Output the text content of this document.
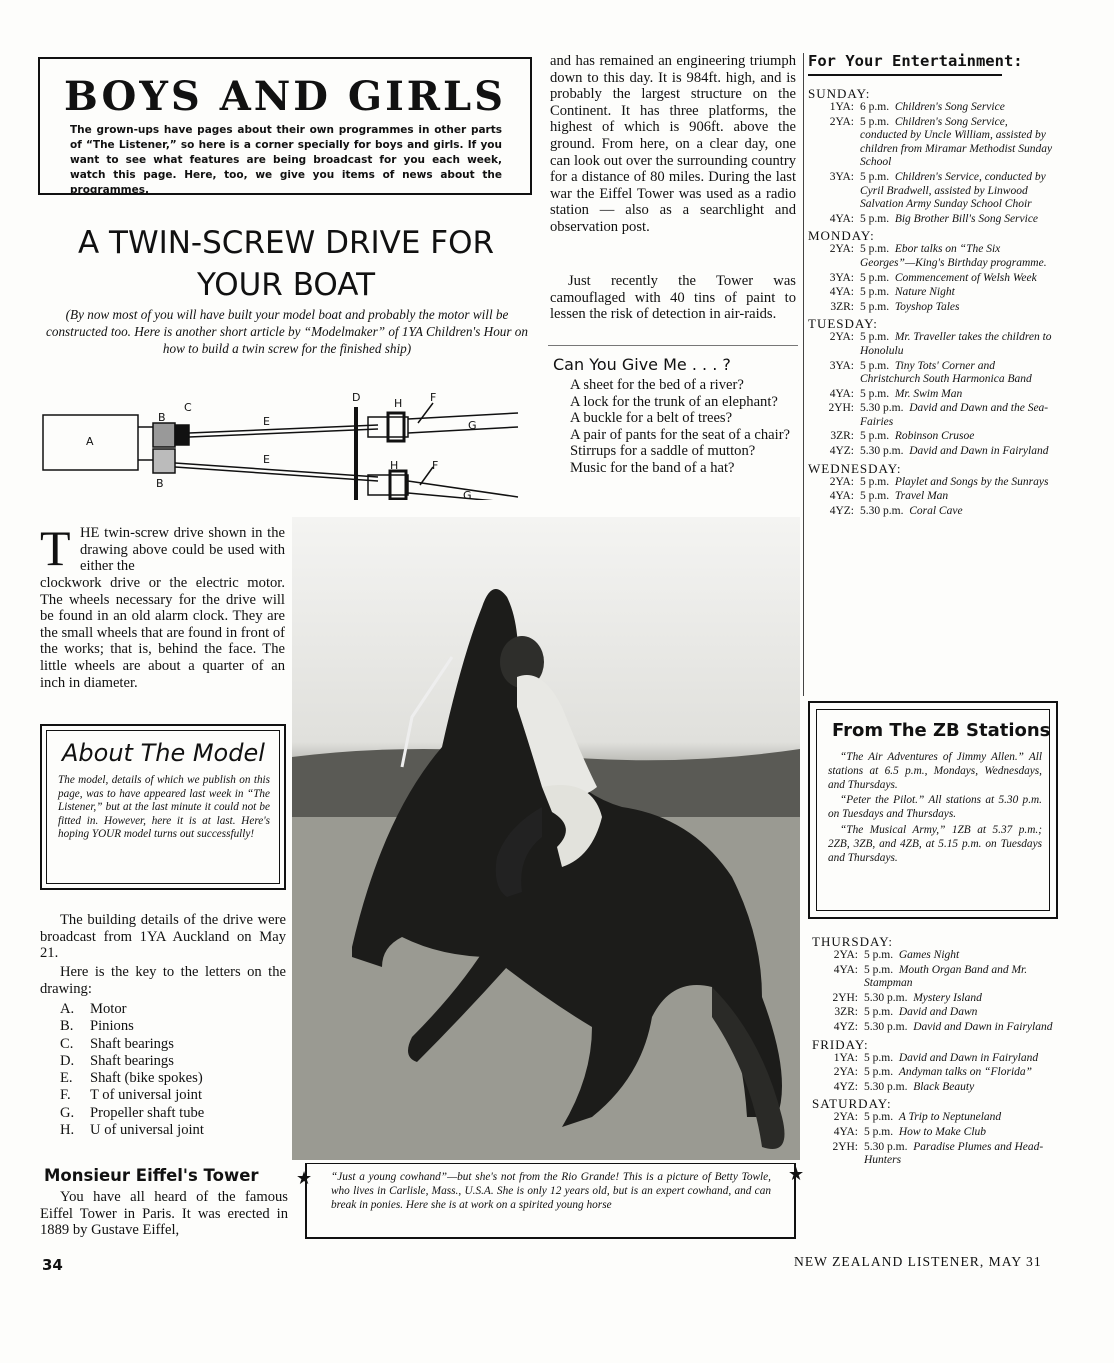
BOYS AND GIRLS
The grown-ups have pages about their own programmes in other parts of “The Listener,” so here is a corner specially for boys and girls. If you want to see what features are being broadcast for you each week, watch this page. Here, too, we give you items of news about the programmes.
A TWIN-SCREW DRIVE FOR
YOUR BOAT
(By now most of you will have built your model boat and probably the motor will be constructed too. Here is another short article by “Modelmaker” of 1YA Children's Hour on how to build a twin screw for the finished ship)
A
B
B
C
D
E
E
F
F
G
G
H
H
T HE twin-screw drive shown in the drawing above could be used with either the
clockwork drive or the electric motor. The wheels necessary for the drive will be found in an old alarm clock. They are the small wheels that are found in front of the works; that is, behind the face. The little wheels are about a quarter of an inch in diameter.
About The Model
The model, details of which we publish on this page, was to have appeared last week in “The Listener,” but at the last minute it could not be fitted in. However, here it is at last. Here's hoping YOUR model turns out successfully!
The building details of the drive were broadcast from 1YA Auckland on May 21.
Here is the key to the letters on the drawing:
A.	Motor
B.	Pinions
C.	Shaft bearings
D.	Shaft bearings
E.	Shaft (bike spokes)
F.	T of universal joint
G.	Propeller shaft tube
H.	U of universal joint
Monsieur Eiffel's Tower
You have all heard of the famous Eiffel Tower in Paris. It was erected in 1889 by Gustave Eiffel,
and has remained an engineering triumph down to this day. It is 984ft. high, and is probably the largest structure on the Continent. It has three platforms, the highest of which is 906ft. above the ground. From here, on a clear day, one can look out over the surrounding country for a distance of 80 miles. During the last war the Eiffel Tower was used as a radio station — also as a searchlight and observation post.
Just recently the Tower was camouflaged with 40 tins of paint to lessen the risk of detection in air-raids.
Can You Give Me . . . ?
A sheet for the bed of a river?
A lock for the trunk of an elephant?
A buckle for a belt of trees?
A pair of pants for the seat of a chair?
Stirrups for a saddle of mutton?
Music for the band of a hat?
“Just a young cowhand”—but she's not from the Rio Grande! This is a picture of Betty Towle, who lives in Carlisle, Mass., U.S.A. She is only 12 years old, but is an expert cowhand, and can break in ponies. Here she is at work on a spirited young horse
★	★
For Your Entertainment:
SUNDAY:
1YA: 6 p.m. Children's Song Service
2YA: 5 p.m. Children's Song Service, conducted by Uncle William, assisted by children from Miramar Methodist Sunday School
3YA: 5 p.m. Children's Service, conducted by Cyril Bradwell, assisted by Linwood Salvation Army Sunday School Choir
4YA: 5 p.m. Big Brother Bill's Song Service
MONDAY:
2YA: 5 p.m. Ebor talks on “The Six Georges”—King's Birthday programme.
3YA: 5 p.m. Commencement of Welsh Week
4YA: 5 p.m. Nature Night
3ZR: 5 p.m. Toyshop Tales
TUESDAY:
2YA: 5 p.m. Mr. Traveller takes the children to Honolulu
3YA: 5 p.m. Tiny Tots' Corner and Christchurch South Harmonica Band
4YA: 5 p.m. Mr. Swim Man
2YH: 5.30 p.m. David and Dawn and the Sea-Fairies
3ZR: 5 p.m. Robinson Crusoe
4YZ: 5.30 p.m. David and Dawn in Fairyland
WEDNESDAY:
2YA: 5 p.m. Playlet and Songs by the Sunrays
4YA: 5 p.m. Travel Man
4YZ: 5.30 p.m. Coral Cave
From The ZB Stations

“The Air Adventures of Jimmy Allen.” All stations at 6.5 p.m., Mondays, Wednesdays, and Thursdays.

“Peter the Pilot.” All stations at 5.30 p.m. on Tuesdays and Thursdays.

“The Musical Army,” 1ZB at 5.37 p.m.; 2ZB, 3ZB, and 4ZB, at 5.15 p.m. on Tuesdays and Thursdays.

THURSDAY:
2YA: 5 p.m. Games Night
4YA: 5 p.m. Mouth Organ Band and Mr. Stampman
2YH: 5.30 p.m. Mystery Island
3ZR: 5 p.m. David and Dawn
4YZ: 5.30 p.m. David and Dawn in Fairyland
FRIDAY:
1YA: 5 p.m. David and Dawn in Fairyland
2YA: 5 p.m. Andyman talks on “Florida”
4YZ: 5.30 p.m. Black Beauty
SATURDAY:
2YA: 5 p.m. A Trip to Neptuneland
4YA: 5 p.m. How to Make Club
2YH: 5.30 p.m. Paradise Plumes and Head-Hunters
34	NEW ZEALAND LISTENER, MAY 31
